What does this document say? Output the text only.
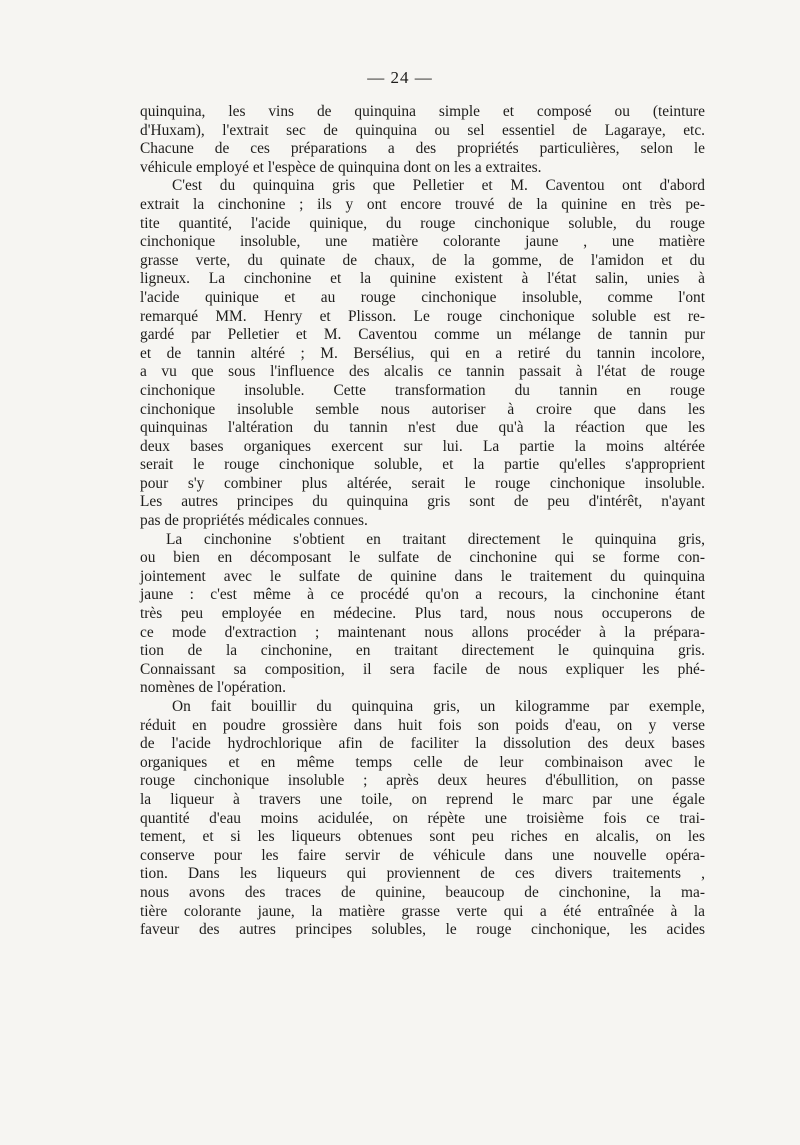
— 24 —
quinquina, les vins de quinquina simple et composé ou (teinture
d'Huxam), l'extrait sec de quinquina ou sel essentiel de Lagaraye, etc.
Chacune de ces préparations a des propriétés particulières, selon le
véhicule employé et l'espèce de quinquina dont on les a extraites.
C'est du quinquina gris que Pelletier et M. Caventou ont d'abord
extrait la cinchonine ; ils y ont encore trouvé de la quinine en très pe-
tite quantité, l'acide quinique, du rouge cinchonique soluble, du rouge
cinchonique insoluble, une matière colorante jaune , une matière
grasse verte, du quinate de chaux, de la gomme, de l'amidon et du
ligneux. La cinchonine et la quinine existent à l'état salin, unies à
l'acide quinique et au rouge cinchonique insoluble, comme l'ont
remarqué MM. Henry et Plisson. Le rouge cinchonique soluble est re-
gardé par Pelletier et M. Caventou comme un mélange de tannin pur
et de tannin altéré ; M. Bersélius, qui en a retiré du tannin incolore,
a vu que sous l'influence des alcalis ce tannin passait à l'état de rouge
cinchonique insoluble. Cette transformation du tannin en rouge
cinchonique insoluble semble nous autoriser à croire que dans les
quinquinas l'altération du tannin n'est due qu'à la réaction que les
deux bases organiques exercent sur lui. La partie la moins altérée
serait le rouge cinchonique soluble, et la partie qu'elles s'approprient
pour s'y combiner plus altérée, serait le rouge cinchonique insoluble.
Les autres principes du quinquina gris sont de peu d'intérêt, n'ayant
pas de propriétés médicales connues.
La cinchonine s'obtient en traitant directement le quinquina gris,
ou bien en décomposant le sulfate de cinchonine qui se forme con-
jointement avec le sulfate de quinine dans le traitement du quinquina
jaune : c'est même à ce procédé qu'on a recours, la cinchonine étant
très peu employée en médecine. Plus tard, nous nous occuperons de
ce mode d'extraction ; maintenant nous allons procéder à la prépara-
tion de la cinchonine, en traitant directement le quinquina gris.
Connaissant sa composition, il sera facile de nous expliquer les phé-
nomènes de l'opération.
On fait bouillir du quinquina gris, un kilogramme par exemple,
réduit en poudre grossière dans huit fois son poids d'eau, on y verse
de l'acide hydrochlorique afin de faciliter la dissolution des deux bases
organiques et en même temps celle de leur combinaison avec le
rouge cinchonique insoluble ; après deux heures d'ébullition, on passe
la liqueur à travers une toile, on reprend le marc par une égale
quantité d'eau moins acidulée, on répète une troisième fois ce trai-
tement, et si les liqueurs obtenues sont peu riches en alcalis, on les
conserve pour les faire servir de véhicule dans une nouvelle opéra-
tion. Dans les liqueurs qui proviennent de ces divers traitements ,
nous avons des traces de quinine, beaucoup de cinchonine, la ma-
tière colorante jaune, la matière grasse verte qui a été entraînée à la
faveur des autres principes solubles, le rouge cinchonique, les acides
